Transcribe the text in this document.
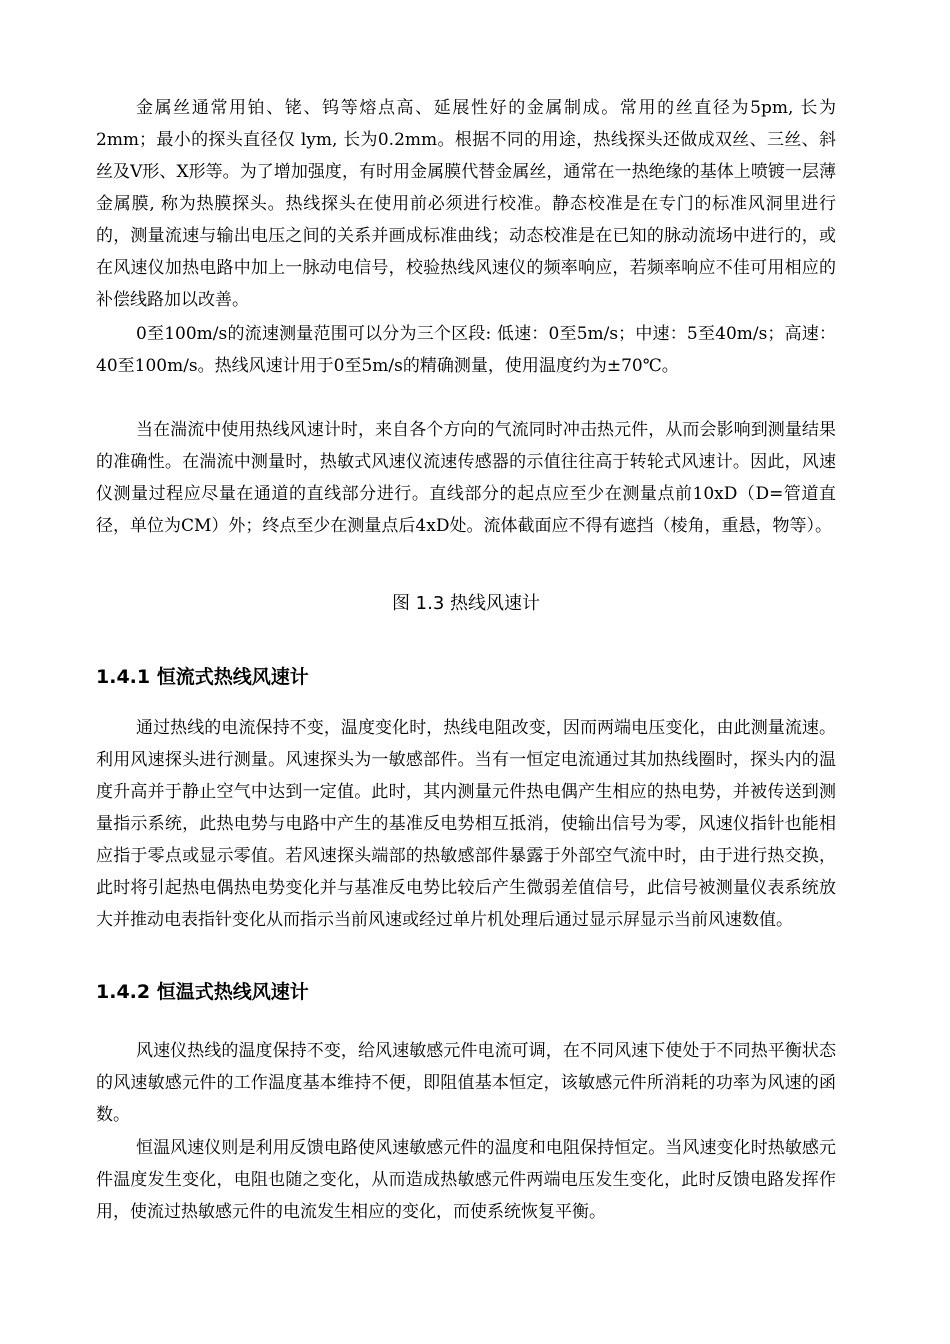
金属丝通常用铂、铑、钨等熔点高、延展性好的金属制成。常用的丝直径为5pm, 长为2mm；最小的探头直径仅 lym, 长为0.2mm。根据不同的用途，热线探头还做成双丝、三丝、斜丝及V形、X形等。为了增加强度，有时用金属膜代替金属丝，通常在一热绝缘的基体上喷镀一层薄金属膜, 称为热膜探头。热线探头在使用前必须进行校准。静态校准是在专门的标准风洞里进行的，测量流速与输出电压之间的关系并画成标准曲线；动态校准是在已知的脉动流场中进行的，或在风速仪加热电路中加上一脉动电信号，校验热线风速仪的频率响应，若频率响应不佳可用相应的补偿线路加以改善。

0至100m/s的流速测量范围可以分为三个区段: 低速：0至5m/s；中速：5至40m/s；高速：40至100m/s。热线风速计用于0至5m/s的精确测量，使用温度约为±70℃。

当在湍流中使用热线风速计时，来自各个方向的气流同时冲击热元件，从而会影响到测量结果的准确性。在湍流中测量时，热敏式风速仪流速传感器的示值往往高于转轮式风速计。因此，风速仪测量过程应尽量在通道的直线部分进行。直线部分的起点应至少在测量点前10xD（D=管道直径，单位为CM）外；终点至少在测量点后4xD处。流体截面应不得有遮挡（棱角，重悬，物等）。

图 1.3 热线风速计

1.4.1 恒流式热线风速计

通过热线的电流保持不变，温度变化时，热线电阻改变，因而两端电压变化，由此测量流速。利用风速探头进行测量。风速探头为一敏感部件。当有一恒定电流通过其加热线圈时，探头内的温度升高并于静止空气中达到一定值。此时，其内测量元件热电偶产生相应的热电势，并被传送到测量指示系统，此热电势与电路中产生的基准反电势相互抵消，使输出信号为零，风速仪指针也能相应指于零点或显示零值。若风速探头端部的热敏感部件暴露于外部空气流中时，由于进行热交换，此时将引起热电偶热电势变化并与基准反电势比较后产生微弱差值信号，此信号被测量仪表系统放大并推动电表指针变化从而指示当前风速或经过单片机处理后通过显示屏显示当前风速数值。

1.4.2 恒温式热线风速计

风速仪热线的温度保持不变，给风速敏感元件电流可调，在不同风速下使处于不同热平衡状态的风速敏感元件的工作温度基本维持不便，即阻值基本恒定，该敏感元件所消耗的功率为风速的函数。

恒温风速仪则是利用反馈电路使风速敏感元件的温度和电阻保持恒定。当风速变化时热敏感元件温度发生变化，电阻也随之变化，从而造成热敏感元件两端电压发生变化，此时反馈电路发挥作用，使流过热敏感元件的电流发生相应的变化，而使系统恢复平衡。
